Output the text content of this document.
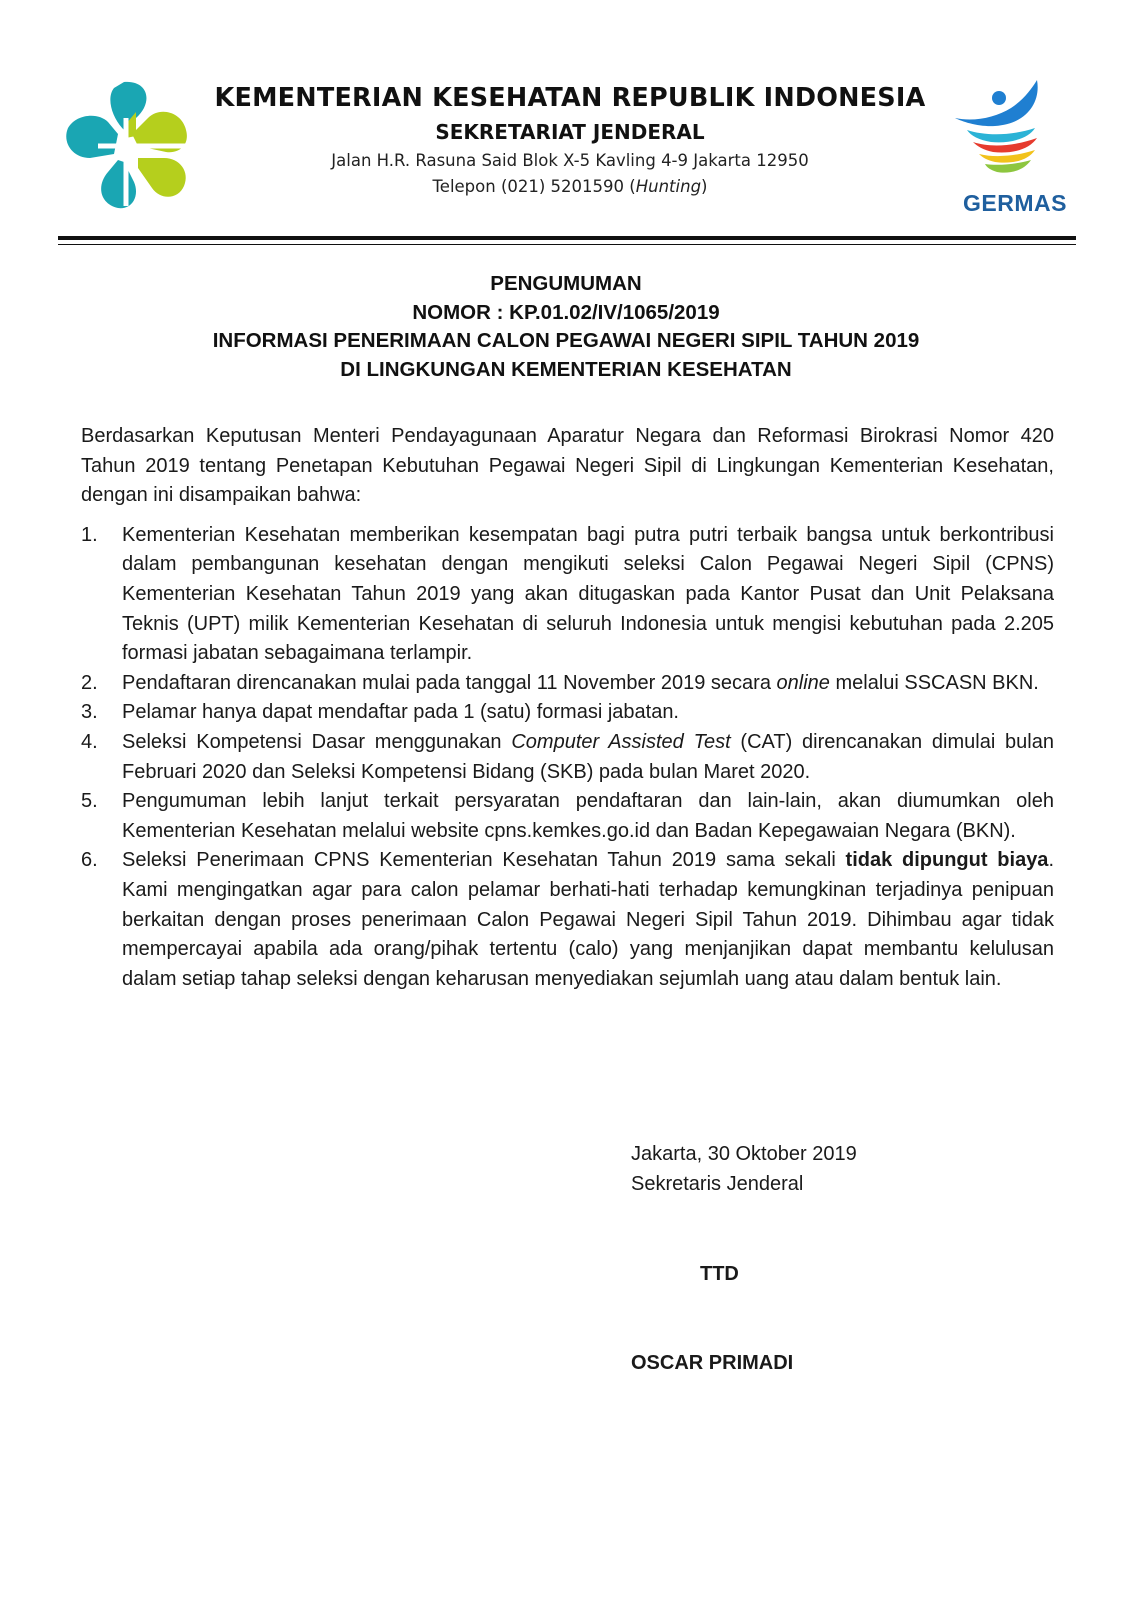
KEMENTERIAN KESEHATAN REPUBLIK INDONESIA
SEKRETARIAT JENDERAL
Jalan H.R. Rasuna Said Blok X-5 Kavling 4-9 Jakarta 12950
Telepon (021) 5201590 (Hunting)
GERMAS
PENGUMUMAN
NOMOR : KP.01.02/IV/1065/2019
INFORMASI PENERIMAAN CALON PEGAWAI NEGERI SIPIL TAHUN 2019
DI LINGKUNGAN KEMENTERIAN KESEHATAN

Berdasarkan Keputusan Menteri Pendayagunaan Aparatur Negara dan Reformasi Birokrasi Nomor 420 Tahun 2019 tentang Penetapan Kebutuhan Pegawai Negeri Sipil di Lingkungan Kementerian Kesehatan, dengan ini disampaikan bahwa:

1. Kementerian Kesehatan memberikan kesempatan bagi putra putri terbaik bangsa untuk berkontribusi dalam pembangunan kesehatan dengan mengikuti seleksi Calon Pegawai Negeri Sipil (CPNS) Kementerian Kesehatan Tahun 2019 yang akan ditugaskan pada Kantor Pusat dan Unit Pelaksana Teknis (UPT) milik Kementerian Kesehatan di seluruh Indonesia untuk mengisi kebutuhan pada 2.205 formasi jabatan sebagaimana terlampir.
2. Pendaftaran direncanakan mulai pada tanggal 11 November 2019 secara online melalui SSCASN BKN.
3. Pelamar hanya dapat mendaftar pada 1 (satu) formasi jabatan.
4. Seleksi Kompetensi Dasar menggunakan Computer Assisted Test (CAT) direncanakan dimulai bulan Februari 2020 dan Seleksi Kompetensi Bidang (SKB) pada bulan Maret 2020.
5. Pengumuman lebih lanjut terkait persyaratan pendaftaran dan lain-lain, akan diumumkan oleh Kementerian Kesehatan melalui website cpns.kemkes.go.id dan Badan Kepegawaian Negara (BKN).
6. Seleksi Penerimaan CPNS Kementerian Kesehatan Tahun 2019 sama sekali tidak dipungut biaya. Kami mengingatkan agar para calon pelamar berhati-hati terhadap kemungkinan terjadinya penipuan berkaitan dengan proses penerimaan Calon Pegawai Negeri Sipil Tahun 2019. Dihimbau agar tidak mempercayai apabila ada orang/pihak tertentu (calo) yang menjanjikan dapat membantu kelulusan dalam setiap tahap seleksi dengan keharusan menyediakan sejumlah uang atau dalam bentuk lain.
Jakarta, 30 Oktober 2019
Sekretaris Jenderal
TTD
OSCAR PRIMADI
